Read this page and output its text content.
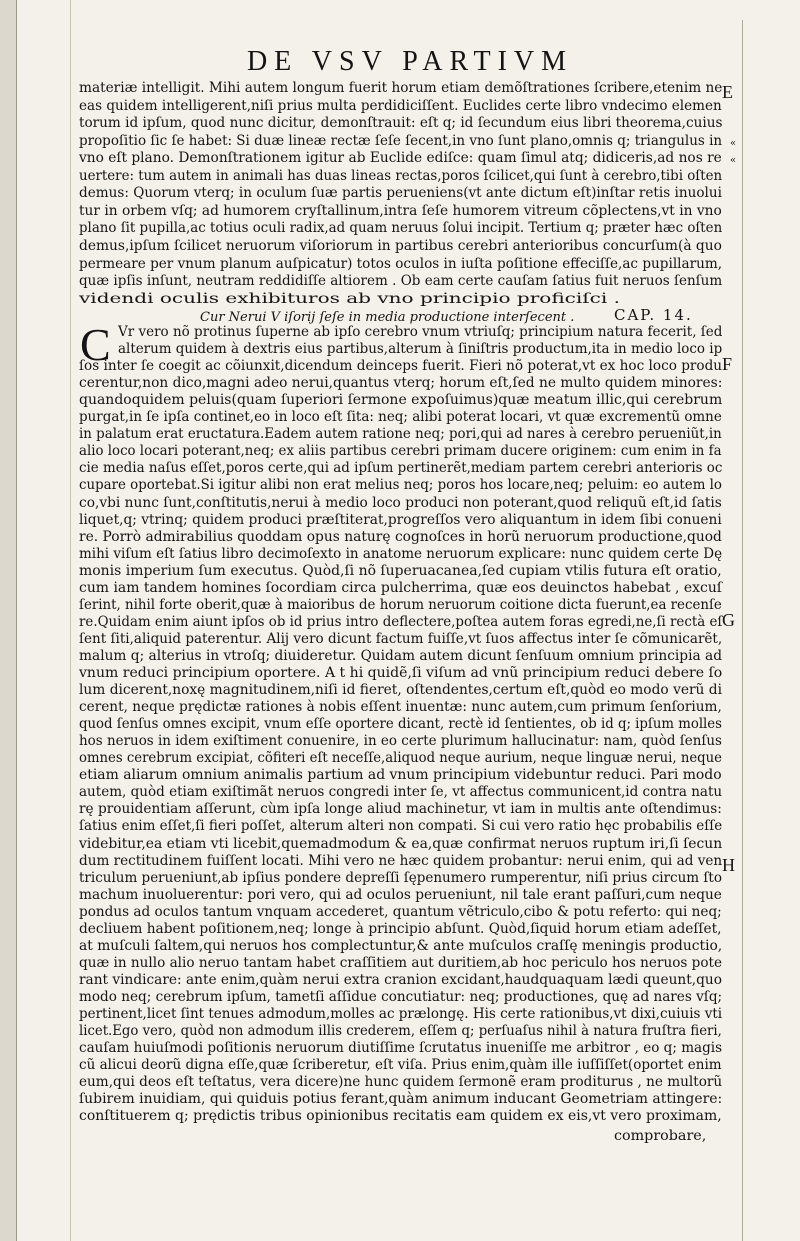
DE VSV PARTIVM
materiæ intelligit. Mihi autem longum fuerit horum etiam demõſtrationes ſcribere,etenim ne
eas quidem intelligerent,niſi prius multa perdidiciſſent. Euclides certe libro vndecimo elemen
torum id ipſum, quod nunc dicitur, demonſtrauit: eſt q; id ſecundum eius libri theorema,cuius
propoſitio ſic ſe habet: Si duæ lineæ rectæ ſeſe ſecent,in vno ſunt plano,omnis q; triangulus in
vno eſt plano. Demonſtrationem igitur ab Euclide ediſce: quam ſimul atq; didiceris,ad nos re
uertere: tum autem in animali has duas lineas rectas,poros ſcilicet,qui ſunt à cerebro,tibi oſten
demus: Quorum vterq; in oculum ſuæ partis perueniens(vt ante dictum eſt)inſtar retis inuolui
tur in orbem vſq; ad humorem cryſtallinum,intra ſeſe humorem vitreum cõplectens,vt in vno
plano ſit pupilla,ac totius oculi radix,ad quam neruus ſolui incipit. Tertium q; præter hæc oſten
demus,ipſum ſcilicet neruorum viſoriorum in partibus cerebri anterioribus concurſum(à quo
permeare per vnum planum auſpicatur) totos oculos in iuſta poſitione effeciſſe,ac pupillarum,
quæ ipſis inſunt, neutram reddidiſſe altiorem . Ob eam certe cauſam ſatius fuit neruos ſenſum
videndi oculis exhibituros ab vno principio proficiſci .
Cur Nerui V iſorij ſeſe in media productione interſecent .	CAP. 14.
C Vr vero nõ protinus ſuperne ab ipſo cerebro vnum vtriuſq; principium natura fecerit, ſed
alterum quidem à dextris eius partibus,alterum à ſiniſtris productum,ita in medio loco ip
ſos inter ſe coegit ac cõiunxit,dicendum deinceps fuerit. Fieri nõ poterat,vt ex hoc loco produ
cerentur,non dico,magni adeo nerui,quantus vterq; horum eſt,ſed ne multo quidem minores:
quandoquidem peluis(quam ſuperiori ſermone expoſuimus)quæ meatum illic,qui cerebrum
purgat,in ſe ipſa continet,eo in loco eſt ſita: neq; alibi poterat locari, vt quæ excrementũ omne
in palatum erat eructatura.Eadem autem ratione neq; pori,qui ad nares à cerebro perueniũt,in
alio loco locari poterant,neq; ex aliis partibus cerebri primam ducere originem: cum enim in fa
cie media naſus eſſet,poros certe,qui ad ipſum pertinerẽt,mediam partem cerebri anterioris oc
cupare oportebat.Si igitur alibi non erat melius neq; poros hos locare,neq; peluim: eo autem lo
co,vbi nunc ſunt,conſtitutis,nerui à medio loco produci non poterant,quod reliquũ eſt,id ſatis
liquet,q; vtrinq; quidem produci præſtiterat,progreſſos vero aliquantum in idem ſibi conueni
re. Porrò admirabilius quoddam opus naturę cognoſces in horũ neruorum productione,quod
mihi viſum eſt ſatius libro decimoſexto in anatome neruorum explicare: nunc quidem certe Dę
monis imperium ſum executus. Quòd,ſi nõ ſuperuacanea,ſed cupiam vtilis futura eſt oratio,
cum iam tandem homines ſocordiam circa pulcherrima, quæ eos deuinctos habebat , excuſ
ſerint, nihil forte oberit,quæ à maioribus de horum neruorum coitione dicta fuerunt,ea recenſe
re.Quidam enim aiunt ipſos ob id prius intro deflectere,poſtea autem foras egredi,ne,ſi rectà eſ
ſent ſiti,aliquid paterentur. Alij vero dicunt factum fuiſſe,vt ſuos affectus inter ſe cõmunicarẽt,
malum q; alterius in vtroſq; diuideretur. Quidam autem dicunt ſenſuum omnium principia ad
vnum reduci principium oportere. A t hi quidẽ,ſi viſum ad vnũ principium reduci debere ſo
lum dicerent,noxę magnitudinem,niſi id fieret, oſtendentes,certum eſt,quòd eo modo verũ di
cerent, neque prędictæ rationes à nobis eſſent inuentæ: nunc autem,cum primum ſenſorium,
quod ſenſus omnes excipit, vnum eſſe oportere dicant, rectè id ſentientes, ob id q; ipſum molles
hos neruos in idem exiſtiment conuenire, in eo certe plurimum hallucinatur: nam, quòd ſenſus
omnes cerebrum excipiat, cõfiteri eſt neceſſe,aliquod neque aurium, neque linguæ nerui, neque
etiam aliarum omnium animalis partium ad vnum principium videbuntur reduci. Pari modo
autem, quòd etiam exiſtimãt neruos congredi inter ſe, vt affectus communicent,id contra natu
rę prouidentiam aſſerunt, cùm ipſa longe aliud machinetur, vt iam in multis ante oſtendimus:
ſatius enim eſſet,ſi fieri poſſet, alterum alteri non compati. Si cui vero ratio hęc probabilis eſſe
videbitur,ea etiam vti licebit,quemadmodum & ea,quæ confirmat neruos ruptum iri,ſi ſecun
dum rectitudinem fuiſſent locati. Mihi vero ne hæc quidem probantur: nerui enim, qui ad ven
triculum perueniunt,ab ipſius pondere depreſſi ſępenumero rumperentur, niſi prius circum ſto
machum inuoluerentur: pori vero, qui ad oculos perueniunt, nil tale erant paſſuri,cum neque
pondus ad oculos tantum vnquam accederet, quantum vẽtriculo,cibo & potu referto: qui neq;
decliuem habent poſitionem,neq; longe à principio abſunt. Quòd,ſiquid horum etiam adeſſet,
at muſculi ſaltem,qui neruos hos complectuntur,& ante muſculos craſſę meningis productio,
quæ in nullo alio neruo tantam habet craſſitiem aut duritiem,ab hoc periculo hos neruos pote
rant vindicare: ante enim,quàm nerui extra cranion excidant,haudquaquam lædi queunt,quo
modo neq; cerebrum ipſum, tametſi aſſidue concutiatur: neq; productiones, quę ad nares vſq;
pertinent,licet ſint tenues admodum,molles ac prælongę. His certe rationibus,vt dixi,cuiuis vti
licet.Ego vero, quòd non admodum illis crederem, eſſem q; perſuaſus nihil à natura fruſtra fieri,
cauſam huiuſmodi poſitionis neruorum diutiſſime ſcrutatus inueniſſe me arbitror , eo q; magis
cũ alicui deorũ digna eſſe,quæ ſcriberetur, eſt viſa. Prius enim,quàm ille iuſſiſſet(oportet enim
eum,qui deos eſt teſtatus, vera dicere)ne hunc quidem ſermonẽ eram proditurus , ne multorũ
ſubirem inuidiam, qui quiduis potius ferant,quàm animum inducant Geometriam attingere:
conſtituerem q; prędictis tribus opinionibus recitatis eam quidem ex eis,vt vero proximam,
E
F
G
H
«
«
comprobare,
